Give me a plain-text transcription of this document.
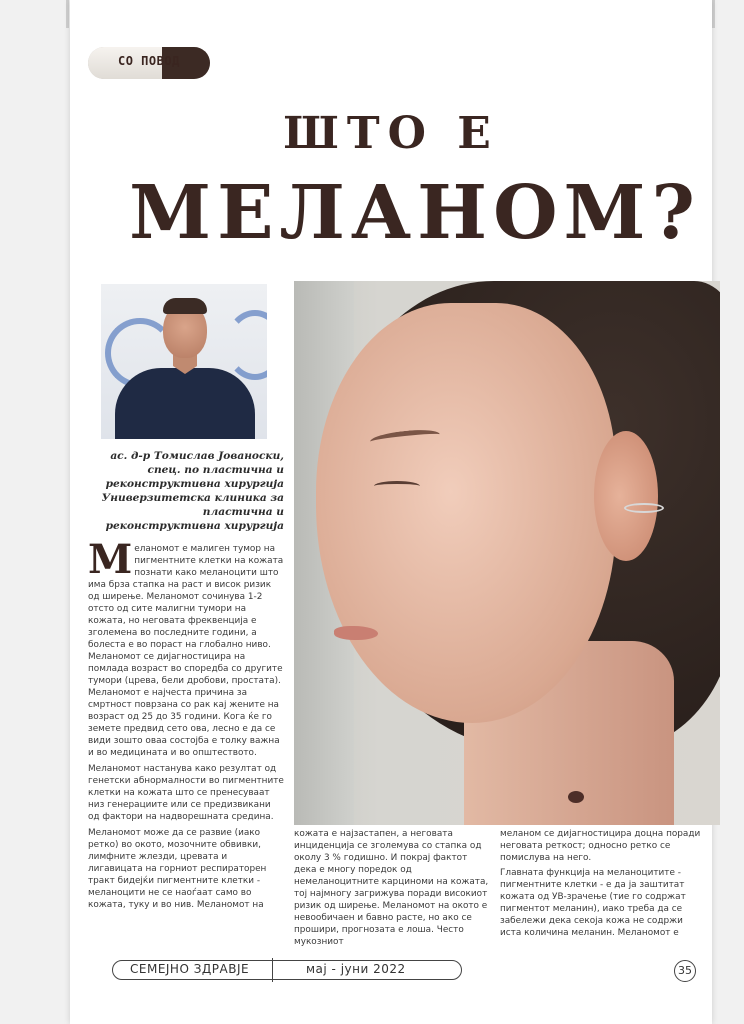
СО ПОВОД
ШТО Е
МЕЛАНОМ?
ас. д-р Томислав Јованоски, спец. по пластична и реконструктивна хирургија Универзитетска клиника за пластична и реконструктивна хирургија

Меланомот е малиген тумор на пигментните клетки на кожата познати како меланоцити што има брза стапка на раст и висок ризик од ширење. Меланомот сочинува 1-2 отсто од сите малигни тумори на кожата, но неговата фреквенција е зголемена во последните години, а болеста е во пораст на глобално ниво. Меланомот се дијагностицира на помлада возраст во споредба со другите тумори (црева, бели дробови, простата). Меланомот е најчеста причина за смртност поврзана со рак кај жените на возраст од 25 до 35 години. Кога ќе го земете предвид сето ова, лесно е да се види зошто оваа состојба е толку важна и во медицината и во општеството.

Меланомот настанува како резултат од генетски абнормалности во пигментните клетки на кожата што се пренесуваат низ генерациите или се предизвикани од фактори на надворешната средина.

Меланомот може да се развие (иако ретко) во окото, мозочните обвивки, лимфните жлезди, цревата и лигавицата на горниот респираторен тракт бидејќи пигментните клетки - меланоцити не се наоѓаат само во кожата, туку и во нив. Меланомот на

кожата е најзастапен, а неговата инциденција се зголемува со стапка од околу 3 % годишно. И покрај фактот дека е многу поредок од немеланоцитните карциноми на кожата, тој најмногу загрижува поради високиот ризик од ширење. Меланомот на окото е невообичаен и бавно расте, но ако се прошири, прогнозата е лоша. Често мукозниот

меланом се дијагностицира доцна поради неговата реткост; односно ретко се помислува на него.

Главната функција на меланоцитите - пигментните клетки - е да ја заштитат кожата од УВ-зрачење (тие го содржат пигментот меланин), иако треба да се забележи дека секоја кожа не содржи иста количина меланин. Меланомот е

СЕМЕЈНО ЗДРАВЈЕ	мај - јуни 2022	35
